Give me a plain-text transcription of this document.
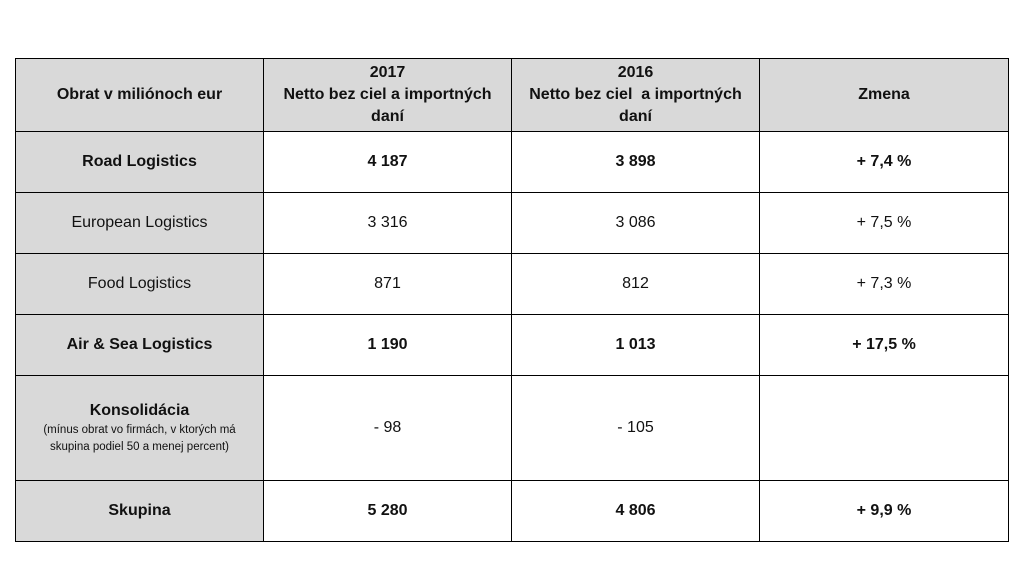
Obrat v miliónoch eur	2017
Netto bez ciel a importných
daní	2016
Netto bez ciel  a importných
daní	Zmena
Road Logistics	4 187	3 898	+ 7,4 %
European Logistics	3 316	3 086	+ 7,5 %
Food Logistics	871	812	+ 7,3 %
Air & Sea Logistics	1 190	1 013	+ 17,5 %

Konsolidácia
(mínus obrat vo firmách, v ktorých má skupina podiel 50 a menej percent)	- 98	- 105	
Skupina	5 280	4 806	+ 9,9 %
